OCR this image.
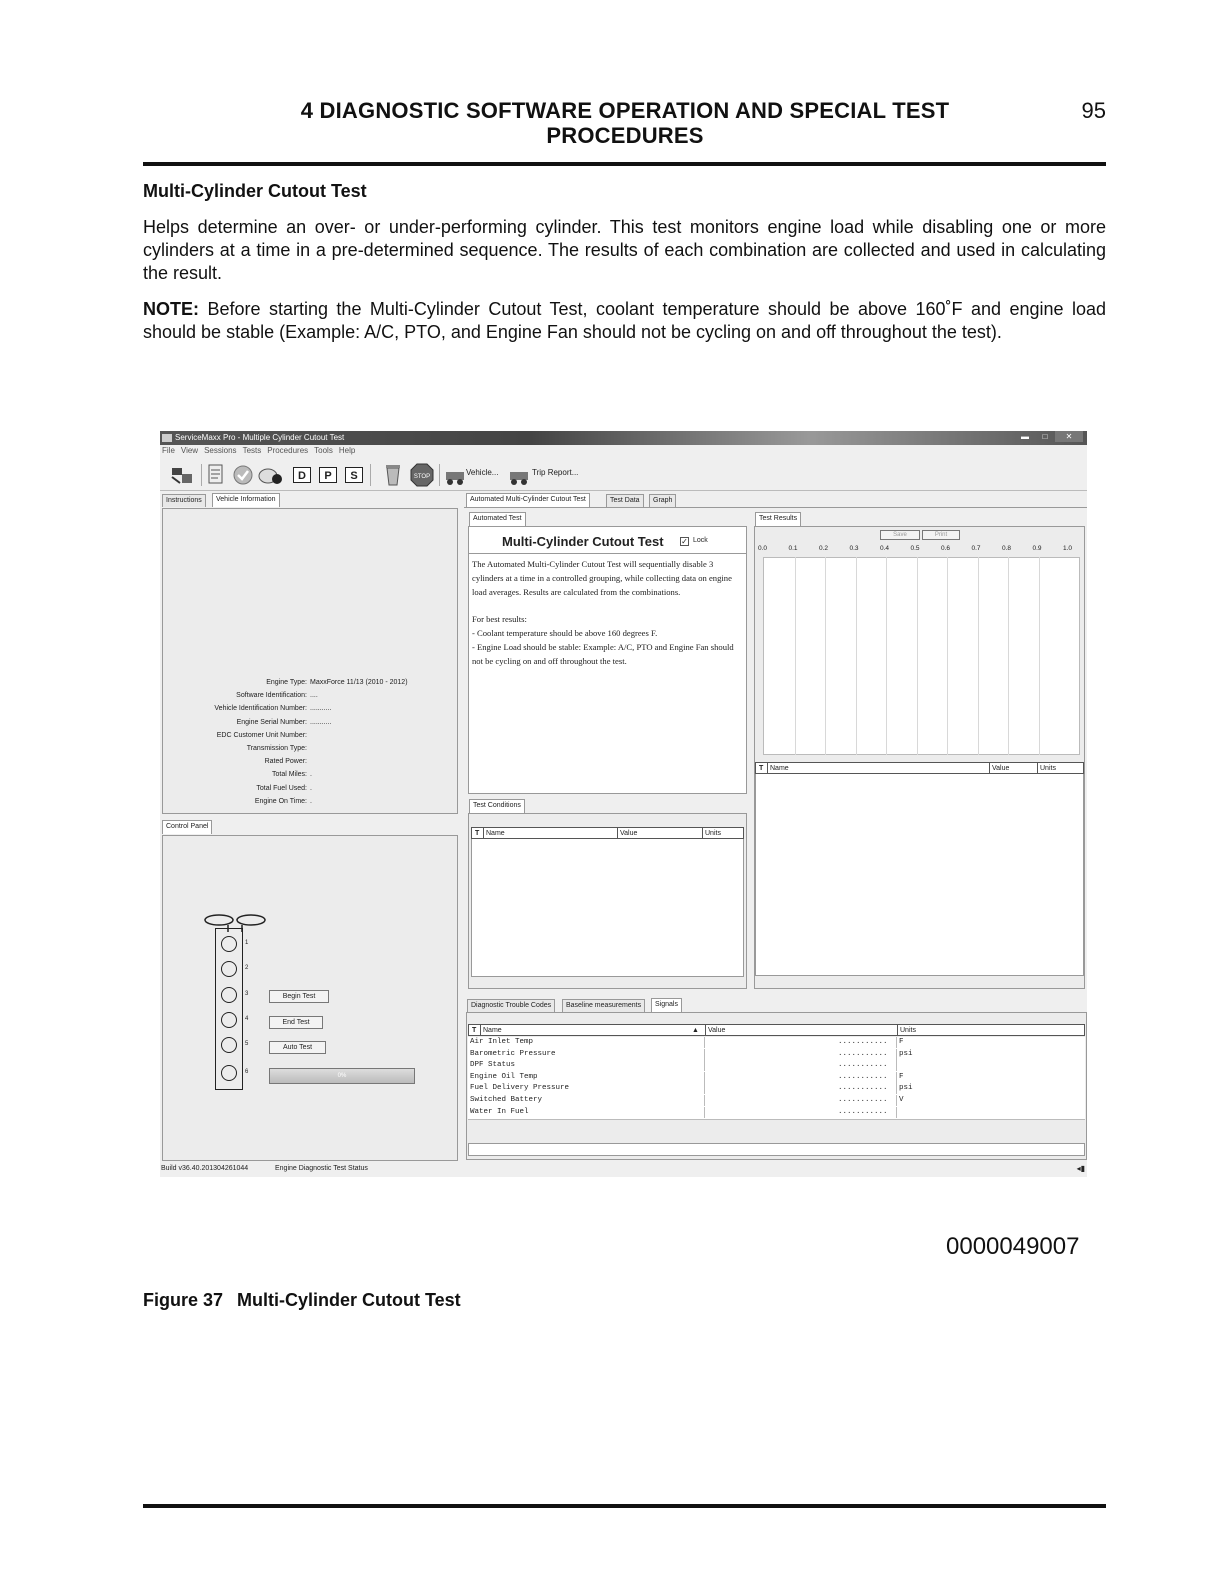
4 DIAGNOSTIC SOFTWARE OPERATION AND SPECIAL TEST PROCEDURES
95
Multi-Cylinder Cutout Test
Helps determine an over- or under-performing cylinder. This test monitors engine load while disabling one or more cylinders at a time in a pre-determined sequence. The results of each combination are collected and used in calculating the result.
NOTE: Before starting the Multi-Cylinder Cutout Test, coolant temperature should be above 160˚F and engine load should be stable (Example: A/C, PTO, and Engine Fan should not be cycling on and off throughout the test).
ServiceMaxx Pro - Multiple Cylinder Cutout Test	▬	□	✕
File View Sessions Tests Procedures Tools Help
D	P	S	STOP	Vehicle...	Trip Report...
Instructions	Vehicle Information
Engine Type: MaxxForce 11/13 (2010 - 2012)
Software Identification: ....
Vehicle Identification Number: ...........
Engine Serial Number: ...........
EDC Customer Unit Number:
Transmission Type:
Rated Power:
Total Miles: .
Total Fuel Used: .
Engine On Time: .
Control Panel
1
2
3
4
5
6
Begin Test
End Test
Auto Test
0%
Automated Multi-Cylinder Cutout Test	Test Data	Graph
Automated Test
Multi-Cylinder Cutout Test ✓ Lock

The Automated Multi-Cylinder Cutout Test will sequentially disable 3 cylinders at a time in a controlled grouping, while collecting data on engine load averages. Results are calculated from the combinations.

For best results:
- Coolant temperature should be above 160 degrees F.
- Engine Load should be stable: Example: A/C, PTO and Engine Fan should not be cycling on and off throughout the test.
Test Conditions
T Name	Value	Units
Test Results
Save	Print
0.0	0.1	0.2	0.3	0.4	0.5	0.6	0.7	0.8	0.9	1.0
T Name	Value	Units
Diagnostic Trouble Codes	Baseline measurements	Signals
T Name	▲ Value	Units
Air Inlet Temp	........... F
Barometric Pressure	........... psi
DPF Status	...........
Engine Oil Temp	........... F
Fuel Delivery Pressure	........... psi
Switched Battery	........... V
Water In Fuel	...........
Build v36.40.201304261044	Engine Diagnostic Test Status	◂▮
0000049007
Figure 37 Multi-Cylinder Cutout Test
